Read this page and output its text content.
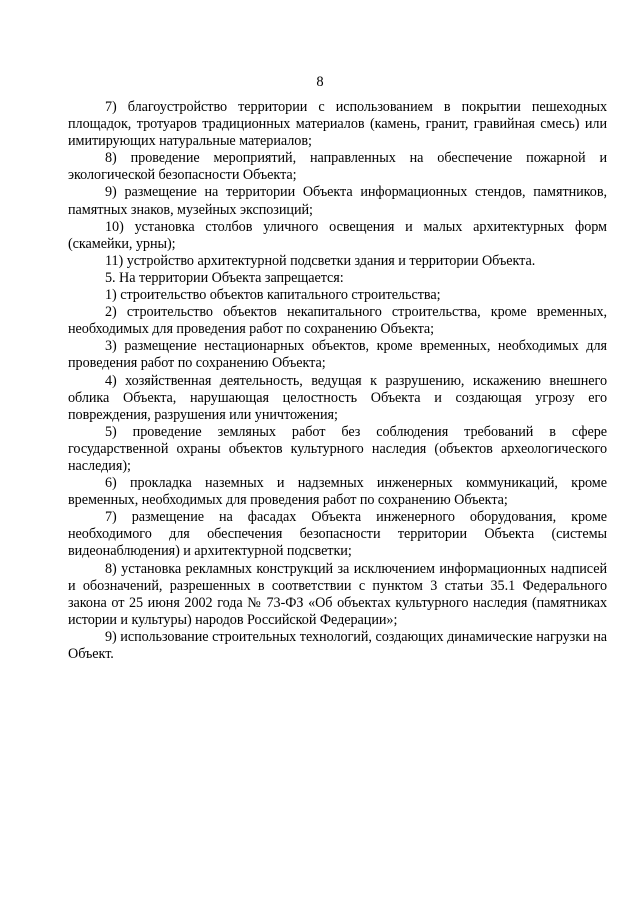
8

7) благоустройство территории с использованием в покрытии пешеходных площадок, тротуаров традиционных материалов (камень, гранит, гравийная смесь) или имитирующих натуральные материалов;

8) проведение мероприятий, направленных на обеспечение пожарной и экологической безопасности Объекта;

9) размещение на территории Объекта информационных стендов, памятников, памятных знаков, музейных экспозиций;

10) установка столбов уличного освещения и малых архитектурных форм (скамейки, урны);

11) устройство архитектурной подсветки здания и территории Объекта.

5. На территории Объекта запрещается:

1) строительство объектов капитального строительства;

2) строительство объектов некапитального строительства, кроме временных, необходимых для проведения работ по сохранению Объекта;

3) размещение нестационарных объектов, кроме временных, необходимых для проведения работ по сохранению Объекта;

4) хозяйственная деятельность, ведущая к разрушению, искажению внешнего облика Объекта, нарушающая целостность Объекта и создающая угрозу его повреждения, разрушения или уничтожения;

5) проведение земляных работ без соблюдения требований в сфере государственной охраны объектов культурного наследия (объектов археологического наследия);

6) прокладка наземных и надземных инженерных коммуникаций, кроме временных, необходимых для проведения работ по сохранению Объекта;

7) размещение на фасадах Объекта инженерного оборудования, кроме необходимого для обеспечения безопасности территории Объекта (системы видеонаблюдения) и архитектурной подсветки;

8) установка рекламных конструкций за исключением информационных надписей и обозначений, разрешенных в соответствии с пунктом 3 статьи 35.1 Федерального закона от 25 июня 2002 года № 73-ФЗ «Об объектах культурного наследия (памятниках истории и культуры) народов Российской Федерации»;

9) использование строительных технологий, создающих динамические нагрузки на Объект.
